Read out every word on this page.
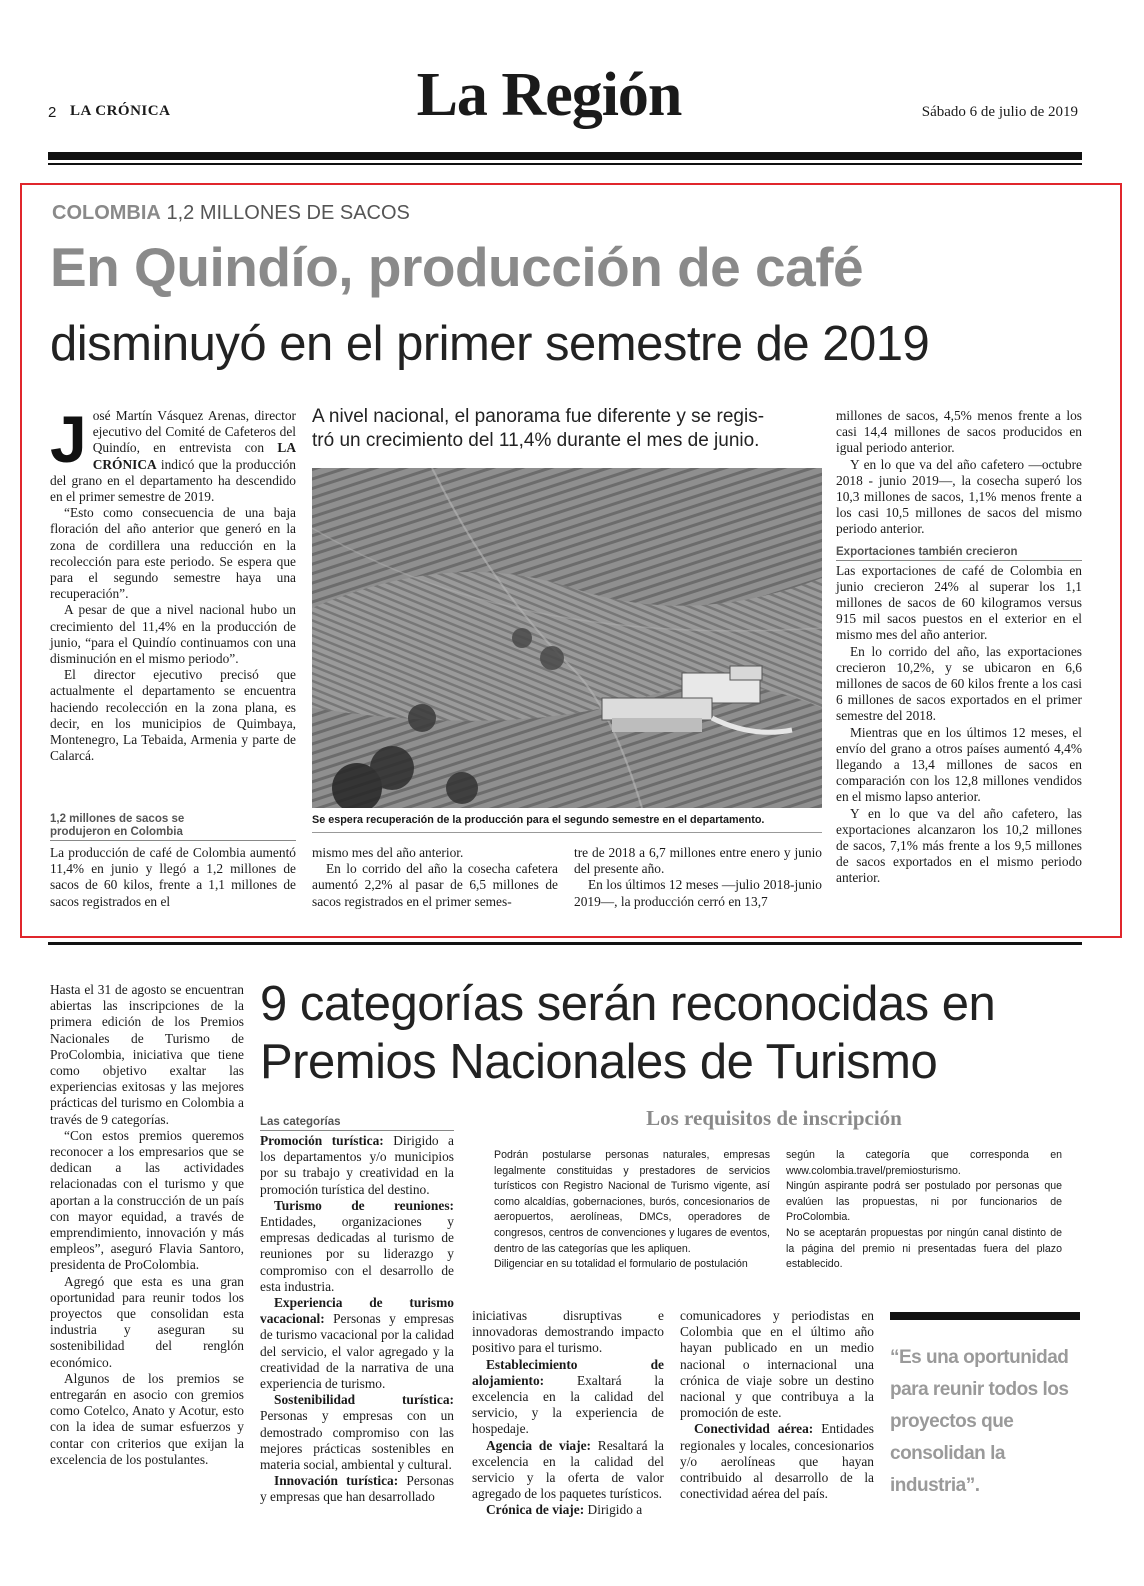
2 LA CRÓNICA	La Región	Sábado 6 de julio de 2019
COLOMBIA 1,2 MILLONES DE SACOS
En Quindío, producción de café
disminuyó en el primer semestre de 2019
J osé Martín Vásquez Arenas, director ejecutivo del Comité de Cafeteros del Quindío, en entrevista con LA CRÓNICA indicó que la producción del grano en el departamento ha descendido en el primer semestre de 2019.

“Esto como consecuencia de una baja floración del año anterior que generó en la zona de cordillera una reducción en la recolección para este periodo. Se espera que para el segundo semestre haya una recuperación”.

A pesar de que a nivel nacional hubo un crecimiento del 11,4% en la producción de junio, “para el Quindío continuamos con una disminución en el mismo periodo”.

El director ejecutivo precisó que actualmente el departamento se encuentra haciendo recolección en la zona plana, es decir, en los municipios de Quimbaya, Montenegro, La Tebaida, Armenia y parte de Calarcá.

1,2 millones de sacos se
produjeron en Colombia

La producción de café de Colombia aumentó 11,4% en junio y llegó a 1,2 millones de sacos de 60 kilos, frente a 1,1 millones de sacos registrados en el

A nivel nacional, el panorama fue diferente y se regis-
tró un crecimiento del 11,4% durante el mes de junio.
Se espera recuperación de la producción para el segundo semestre en el departamento.

mismo mes del año anterior.

En lo corrido del año la cosecha cafetera aumentó 2,2% al pasar de 6,5 millones de sacos registrados en el primer semes-

tre de 2018 a 6,7 millones entre enero y junio del presente año.

En los últimos 12 meses —julio 2018-junio 2019—, la producción cerró en 13,7

millones de sacos, 4,5% menos frente a los casi 14,4 millones de sacos producidos en igual periodo anterior.

Y en lo que va del año cafetero —octubre 2018 - junio 2019—, la cosecha superó los 10,3 millones de sacos, 1,1% menos frente a los casi 10,5 millones de sacos del mismo periodo anterior.

Exportaciones también crecieron

Las exportaciones de café de Colombia en junio crecieron 24% al superar los 1,1 millones de sacos de 60 kilogramos versus 915 mil sacos puestos en el exterior en el mismo mes del año anterior.

En lo corrido del año, las exportaciones crecieron 10,2%, y se ubicaron en 6,6 millones de sacos de 60 kilos frente a los casi 6 millones de sacos exportados en el primer semestre del 2018.

Mientras que en los últimos 12 meses, el envío del grano a otros países aumentó 4,4% llegando a 13,4 millones de sacos en comparación con los 12,8 millones vendidos en el mismo lapso anterior.

Y en lo que va del año cafetero, las exportaciones alcanzaron los 10,2 millones de sacos, 7,1% más frente a los 9,5 millones de sacos exportados en el mismo periodo anterior.

Hasta el 31 de agosto se encuentran abiertas las inscripciones de la primera edición de los Premios Nacionales de Turismo de ProColombia, iniciativa que tiene como objetivo exaltar las experiencias exitosas y las mejores prácticas del turismo en Colombia a través de 9 categorías.

“Con estos premios queremos reconocer a los empresarios que se dedican a las actividades relacionadas con el turismo y que aportan a la construcción de un país con mayor equidad, a través de emprendimiento, innovación y más empleos”, aseguró Flavia Santoro, presidenta de ProColombia.

Agregó que esta es una gran oportunidad para reunir todos los proyectos que consolidan esta industria y aseguran su sostenibilidad del renglón económico.

Algunos de los premios se entregarán en asocio con gremios como Cotelco, Anato y Acotur, esto con la idea de sumar esfuerzos y contar con criterios que exijan la excelencia de los postulantes.

9 categorías serán reconocidas en
Premios Nacionales de Turismo
Las categorías

Promoción turística: Dirigido a los departamentos y/o municipios por su trabajo y creatividad en la promoción turística del destino.

Turismo de reuniones: Entidades, organizaciones y empresas dedicadas al turismo de reuniones por su liderazgo y compromiso con el desarrollo de esta industria.

Experiencia de turismo vacacional: Personas y empresas de turismo vacacional por la calidad del servicio, el valor agregado y la creatividad de la narrativa de una experiencia de turismo.

Sostenibilidad turística: Personas y empresas con un demostrado compromiso con las mejores prácticas sostenibles en materia social, ambiental y cultural.

Innovación turística: Personas y empresas que han desarrollado

Los requisitos de inscripción
Podrán postularse personas naturales, empresas legalmente constituidas y prestadores de servicios turísticos con Registro Nacional de Turismo vigente, así como alcaldías, gobernaciones, burós, concesionarios de aeropuertos, aerolíneas, DMCs, operadores de congresos, centros de convenciones y lugares de eventos, dentro de las categorías que les apliquen.
Diligenciar en su totalidad el formulario de postulación
según la categoría que corresponda en www.colombia.travel/premiosturismo.
Ningún aspirante podrá ser postulado por personas que evalúen las propuestas, ni por funcionarios de ProColombia.
No se aceptarán propuestas por ningún canal distinto de la página del premio ni presentadas fuera del plazo establecido.

iniciativas disruptivas e innovadoras demostrando impacto positivo para el turismo.

Establecimiento de alojamiento: Exaltará la excelencia en la calidad del servicio, y la experiencia de hospedaje.

Agencia de viaje: Resaltará la excelencia en la calidad del servicio y la oferta de valor agregado de los paquetes turísticos.

Crónica de viaje: Dirigido a

comunicadores y periodistas en Colombia que en el último año hayan publicado en un medio nacional o internacional una crónica de viaje sobre un destino nacional y que contribuya a la promoción de este.

Conectividad aérea: Entidades regionales y locales, concesionarios y/o aerolíneas que hayan contribuido al desarrollo de la conectividad aérea del país.

“Es una oportunidad para reunir todos los proyectos que consolidan la industria”.
